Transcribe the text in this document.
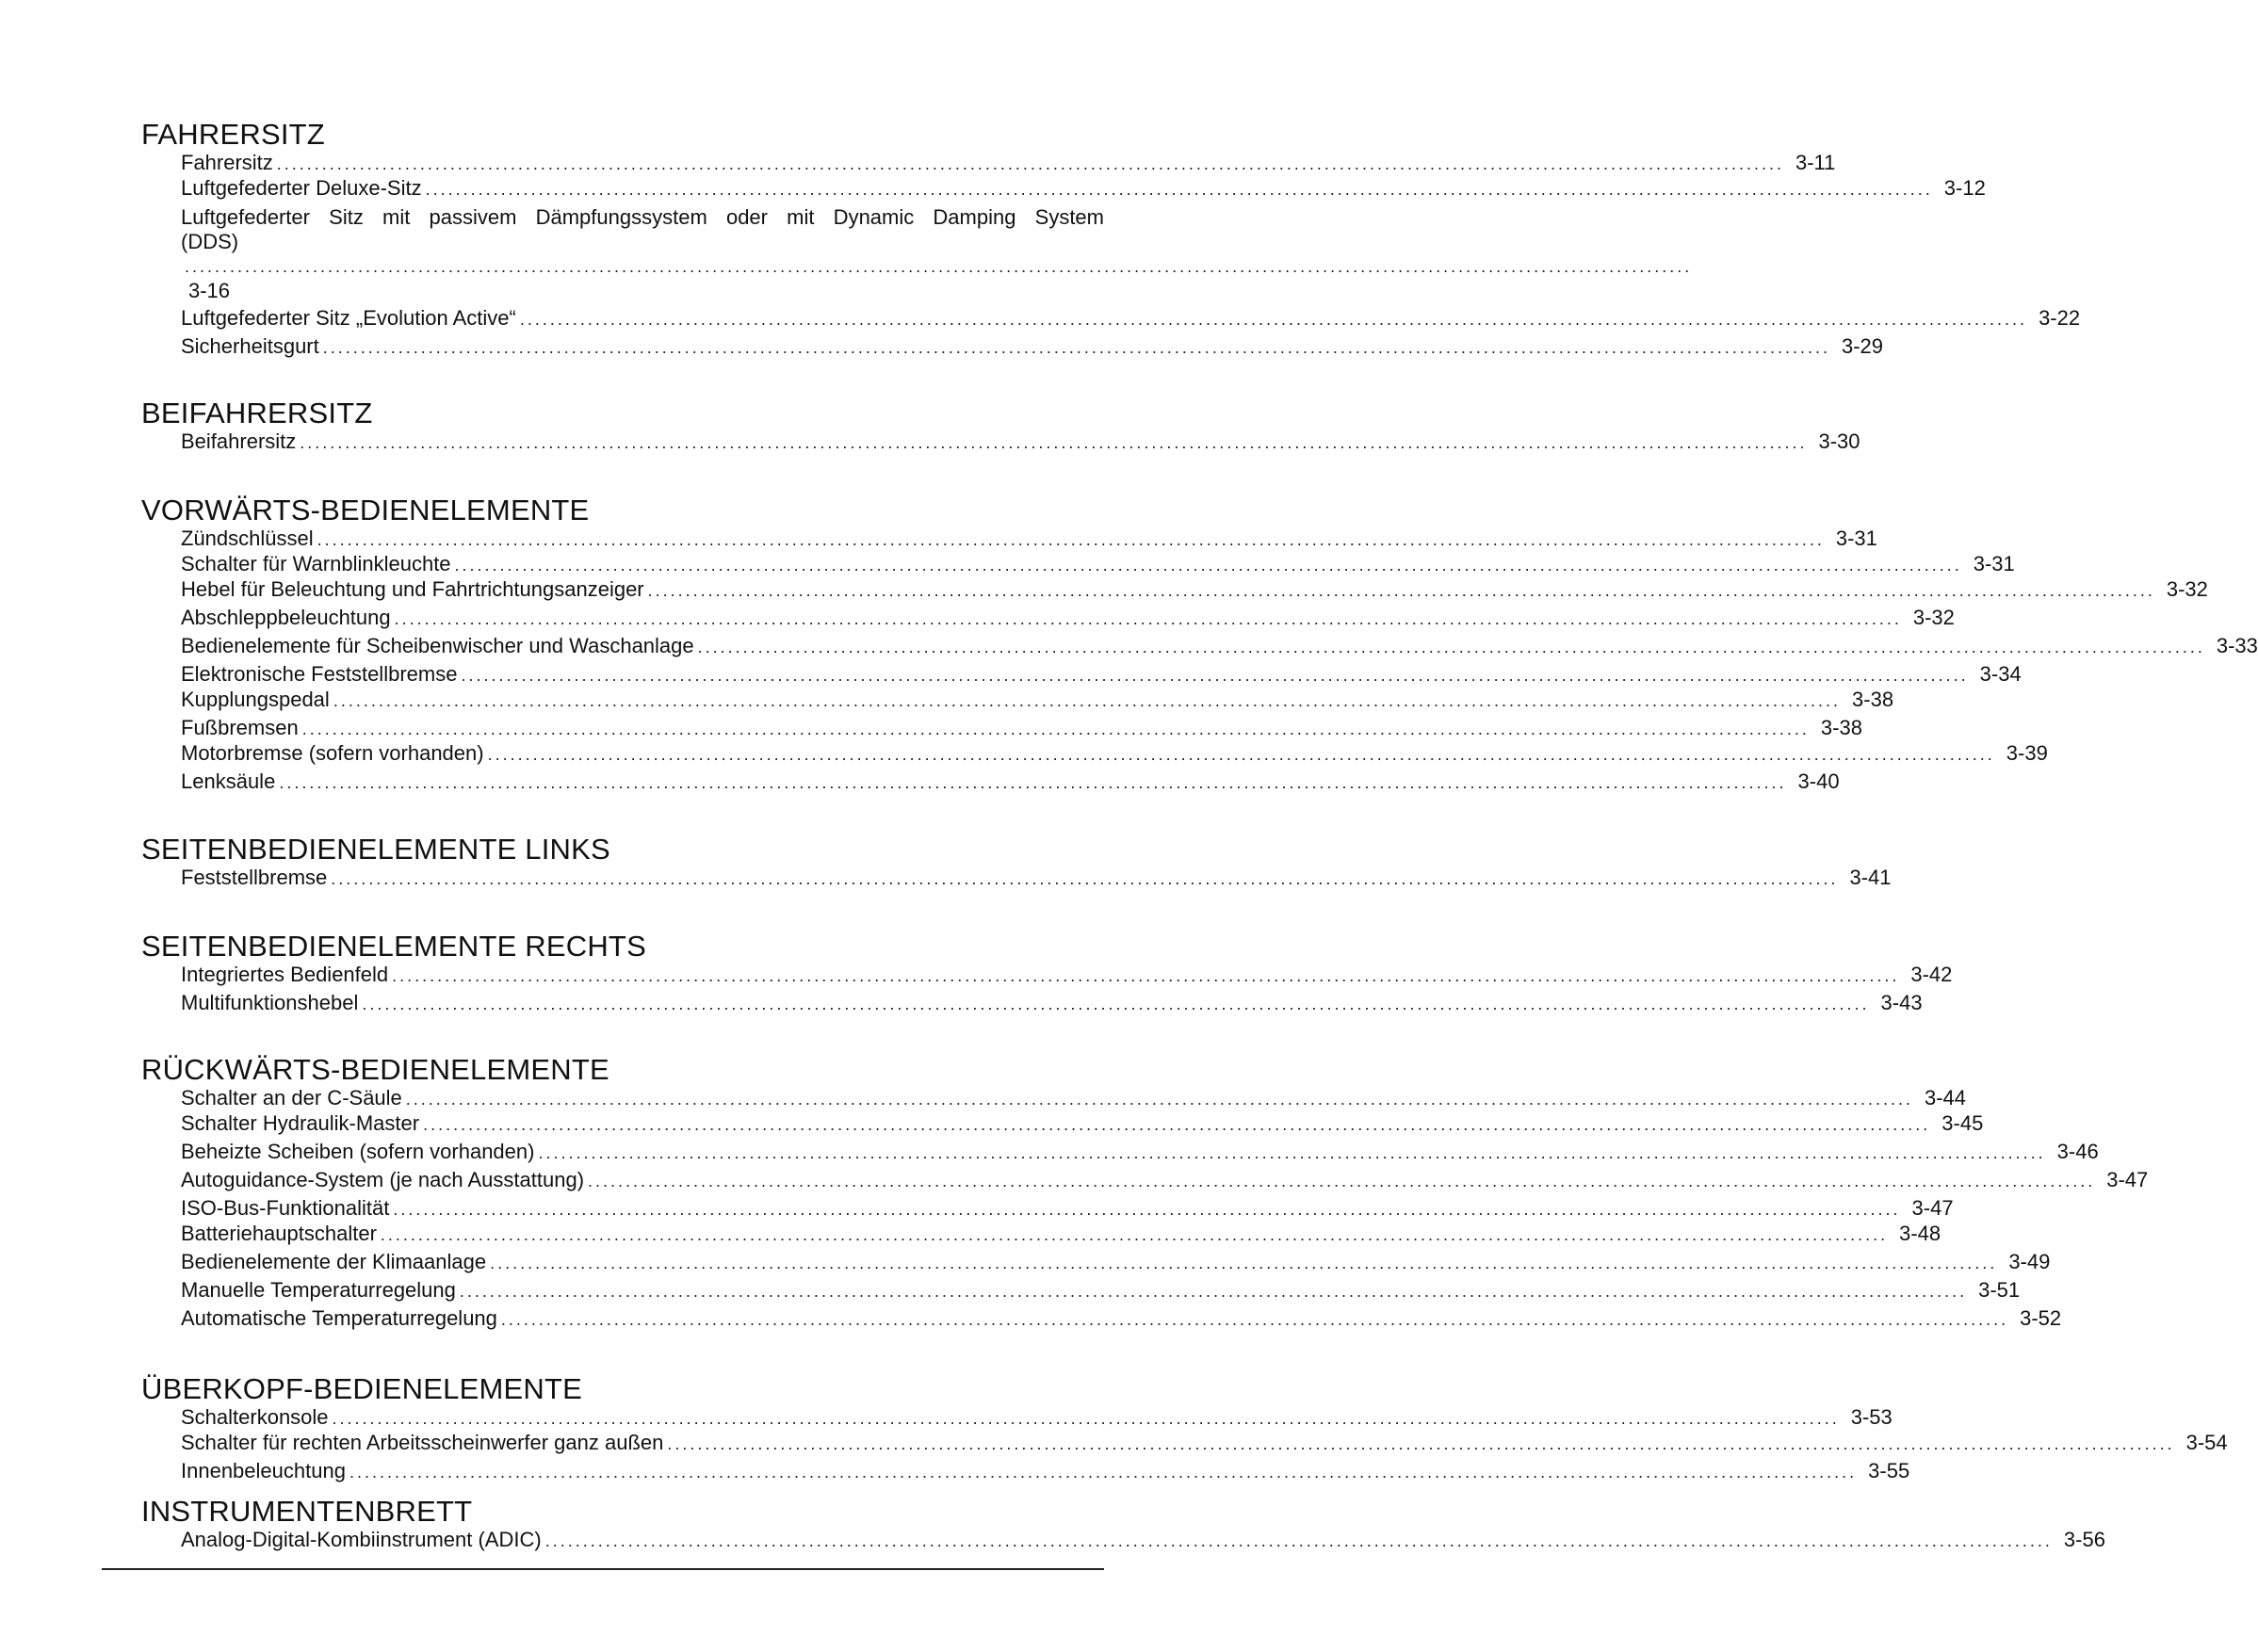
FAHRERSITZ
Fahrersitz ........................................................................................................................................................................................................ 3-11
Luftgefederter Deluxe-Sitz ........................................................................................................................................................................................................ 3-12
Luftgefederter Sitz mit passivem Dämpfungssystem oder mit Dynamic Damping System
(DDS)
........................................................................................................................................................................................................
3-16
Luftgefederter Sitz „Evolution Active“ ........................................................................................................................................................................................................ 3-22
Sicherheitsgurt ........................................................................................................................................................................................................ 3-29
BEIFAHRERSITZ
Beifahrersitz ........................................................................................................................................................................................................ 3-30
VORWÄRTS-BEDIENELEMENTE
Zündschlüssel ........................................................................................................................................................................................................ 3-31
Schalter für Warnblinkleuchte ........................................................................................................................................................................................................ 3-31
Hebel für Beleuchtung und Fahrtrichtungsanzeiger ........................................................................................................................................................................................................ 3-32
Abschleppbeleuchtung ........................................................................................................................................................................................................ 3-32
Bedienelemente für Scheibenwischer und Waschanlage ........................................................................................................................................................................................................ 3-33
Elektronische Feststellbremse ........................................................................................................................................................................................................ 3-34
Kupplungspedal ........................................................................................................................................................................................................ 3-38
Fußbremsen ........................................................................................................................................................................................................ 3-38
Motorbremse (sofern vorhanden) ........................................................................................................................................................................................................ 3-39
Lenksäule ........................................................................................................................................................................................................ 3-40
SEITENBEDIENELEMENTE LINKS
Feststellbremse ........................................................................................................................................................................................................ 3-41
SEITENBEDIENELEMENTE RECHTS
Integriertes Bedienfeld ........................................................................................................................................................................................................ 3-42
Multifunktionshebel ........................................................................................................................................................................................................ 3-43
RÜCKWÄRTS-BEDIENELEMENTE
Schalter an der C-Säule ........................................................................................................................................................................................................ 3-44
Schalter Hydraulik-Master ........................................................................................................................................................................................................ 3-45
Beheizte Scheiben (sofern vorhanden) ........................................................................................................................................................................................................ 3-46
Autoguidance-System (je nach Ausstattung) ........................................................................................................................................................................................................ 3-47
ISO-Bus-Funktionalität ........................................................................................................................................................................................................ 3-47
Batteriehauptschalter ........................................................................................................................................................................................................ 3-48
Bedienelemente der Klimaanlage ........................................................................................................................................................................................................ 3-49
Manuelle Temperaturregelung ........................................................................................................................................................................................................ 3-51
Automatische Temperaturregelung ........................................................................................................................................................................................................ 3-52
ÜBERKOPF-BEDIENELEMENTE
Schalterkonsole ........................................................................................................................................................................................................ 3-53
Schalter für rechten Arbeitsscheinwerfer ganz außen ........................................................................................................................................................................................................ 3-54
Innenbeleuchtung ........................................................................................................................................................................................................ 3-55
INSTRUMENTENBRETT
Analog-Digital-Kombiinstrument (ADIC) ........................................................................................................................................................................................................ 3-56
